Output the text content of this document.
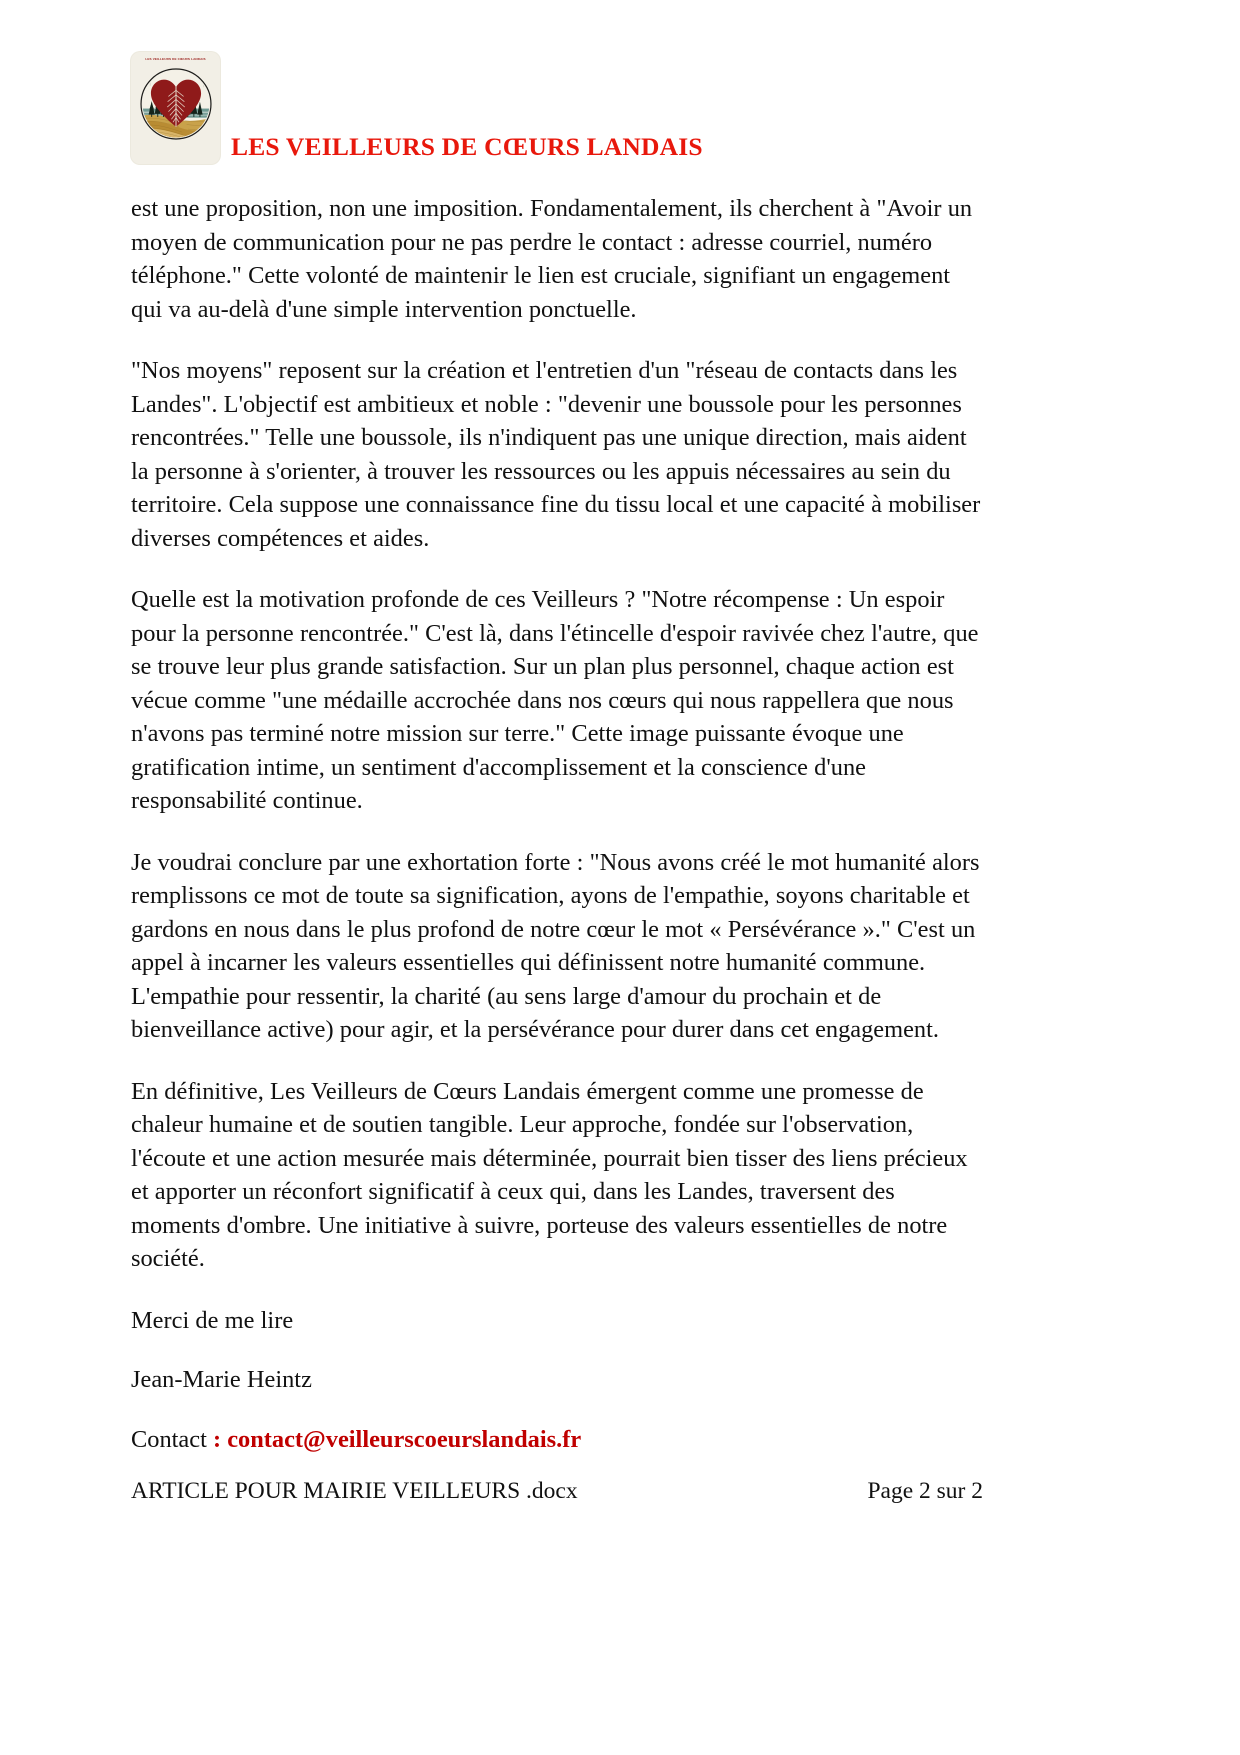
LES VEILLEURS DE CŒURS LANDAIS
LES VEILLEURS DE CŒURS LANDAIS

est une proposition, non une imposition. Fondamentalement, ils cherchent à "Avoir un moyen de communication pour ne pas perdre le contact : adresse courriel, numéro téléphone." Cette volonté de maintenir le lien est cruciale, signifiant un engagement qui va au-delà d'une simple intervention ponctuelle.

"Nos moyens" reposent sur la création et l'entretien d'un "réseau de contacts dans les Landes". L'objectif est ambitieux et noble : "devenir une boussole pour les personnes rencontrées." Telle une boussole, ils n'indiquent pas une unique direction, mais aident la personne à s'orienter, à trouver les ressources ou les appuis nécessaires au sein du territoire. Cela suppose une connaissance fine du tissu local et une capacité à mobiliser diverses compétences et aides.

Quelle est la motivation profonde de ces Veilleurs ? "Notre récompense : Un espoir pour la personne rencontrée." C'est là, dans l'étincelle d'espoir ravivée chez l'autre, que se trouve leur plus grande satisfaction. Sur un plan plus personnel, chaque action est vécue comme "une médaille accrochée dans nos cœurs qui nous rappellera que nous n'avons pas terminé notre mission sur terre." Cette image puissante évoque une gratification intime, un sentiment d'accomplissement et la conscience d'une responsabilité continue.

Je voudrai conclure par une exhortation forte : "Nous avons créé le mot humanité alors remplissons ce mot de toute sa signification, ayons de l'empathie, soyons charitable et gardons en nous dans le plus profond de notre cœur le mot « Persévérance »." C'est un appel à incarner les valeurs essentielles qui définissent notre humanité commune. L'empathie pour ressentir, la charité (au sens large d'amour du prochain et de bienveillance active) pour agir, et la persévérance pour durer dans cet engagement.

En définitive, Les Veilleurs de Cœurs Landais émergent comme une promesse de chaleur humaine et de soutien tangible. Leur approche, fondée sur l'observation, l'écoute et une action mesurée mais déterminée, pourrait bien tisser des liens précieux et apporter un réconfort significatif à ceux qui, dans les Landes, traversent des moments d'ombre. Une initiative à suivre, porteuse des valeurs essentielles de notre société.

Merci de me lire

Jean-Marie Heintz

Contact : contact@veilleurscoeurslandais.fr

ARTICLE POUR MAIRIE VEILLEURS .docx	Page 2 sur 2
